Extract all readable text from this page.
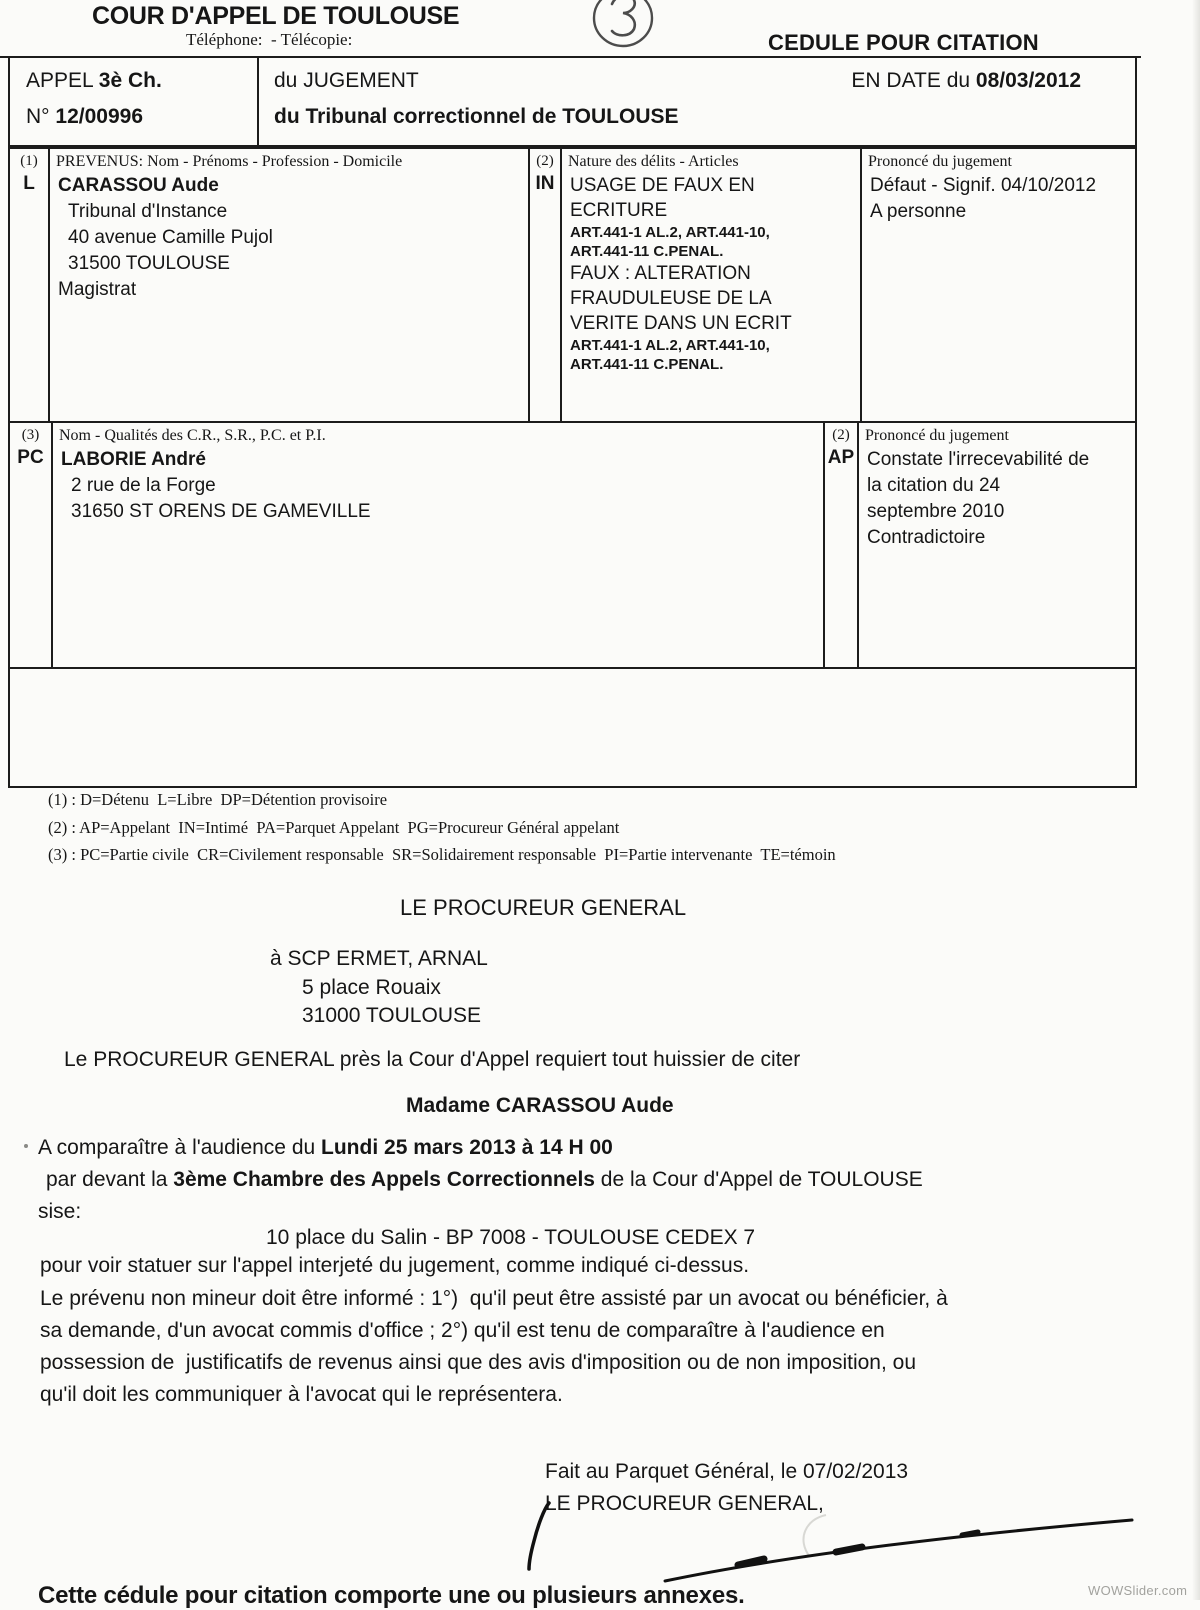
COUR D'APPEL DE TOULOUSE
Téléphone:  - Télécopie:	CEDULE POUR CITATION
APPEL 3è Ch.
N° 12/00996
du JUGEMENT	EN DATE du 08/03/2012
du Tribunal correctionnel de TOULOUSE
(1)
L
PREVENUS: Nom - Prénoms - Profession - Domicile
CARASSOU Aude
Tribunal d'Instance
40 avenue Camille Pujol
31500 TOULOUSE
Magistrat
(2)
IN
Nature des délits - Articles
USAGE DE FAUX EN
ECRITURE
ART.441-1 AL.2, ART.441-10,
ART.441-11 C.PENAL.
FAUX : ALTERATION
FRAUDULEUSE DE LA
VERITE DANS UN ECRIT
ART.441-1 AL.2, ART.441-10,
ART.441-11 C.PENAL.
Prononcé du jugement
Défaut - Signif. 04/10/2012
A personne
(3)
PC
Nom - Qualités des C.R., S.R., P.C. et P.I.
LABORIE André
2 rue de la Forge
31650 ST ORENS DE GAMEVILLE
(2)
AP
Prononcé du jugement
Constate l'irrecevabilité de
la citation du 24
septembre 2010
Contradictoire
(1) : D=Détenu  L=Libre  DP=Détention provisoire
(2) : AP=Appelant  IN=Intimé  PA=Parquet Appelant  PG=Procureur Général appelant
(3) : PC=Partie civile  CR=Civilement responsable  SR=Solidairement responsable  PI=Partie intervenante  TE=témoin
LE PROCUREUR GENERAL
à SCP ERMET, ARNAL
5 place Rouaix
31000 TOULOUSE
Le PROCUREUR GENERAL près la Cour d'Appel requiert tout huissier de citer
Madame CARASSOU Aude
A comparaître à l'audience du Lundi 25 mars 2013 à 14 H 00
par devant la 3ème Chambre des Appels Correctionnels de la Cour d'Appel de TOULOUSE
sise:
10 place du Salin - BP 7008 - TOULOUSE CEDEX 7
pour voir statuer sur l'appel interjeté du jugement, comme indiqué ci-dessus.
Le prévenu non mineur doit être informé : 1°)  qu'il peut être assisté par un avocat ou bénéficier, à
sa demande, d'un avocat commis d'office ; 2°) qu'il est tenu de comparaître à l'audience en
possession de  justificatifs de revenus ainsi que des avis d'imposition ou de non imposition, ou
qu'il doit les communiquer à l'avocat qui le représentera.
Fait au Parquet Général, le 07/02/2013
LE PROCUREUR GENERAL,
Cette cédule pour citation comporte une ou plusieurs annexes.	WOWSlider.com
